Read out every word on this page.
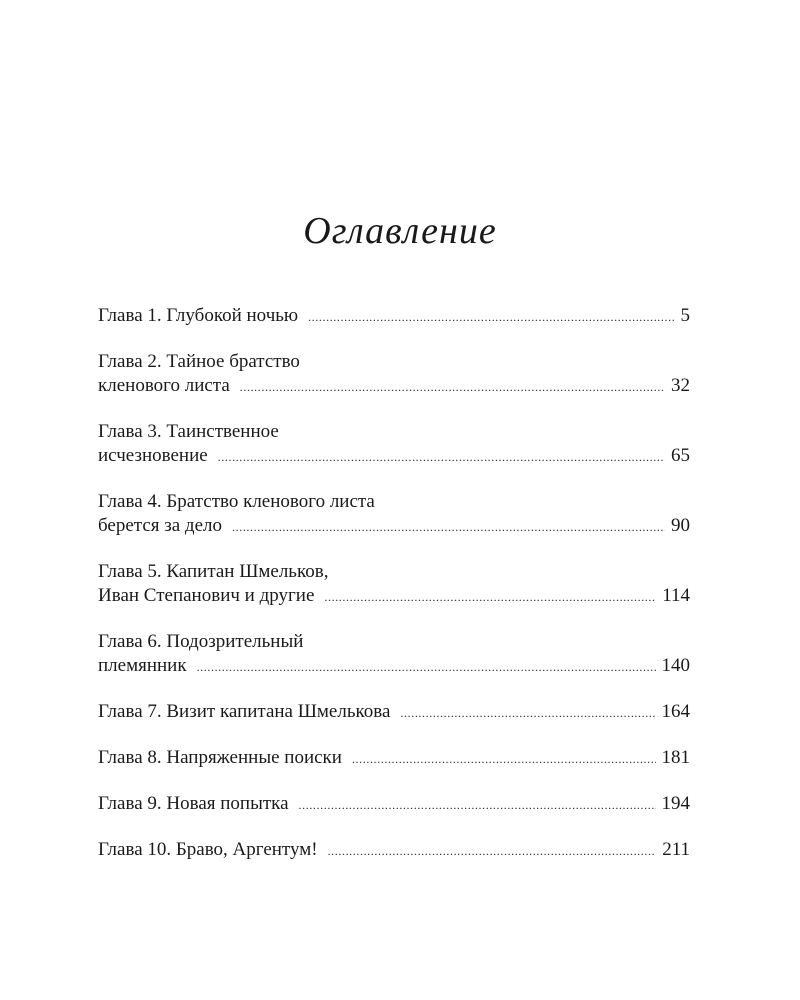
Оглавление
Глава 1. Глубокой ночью .....	5
Глава 2. Тайное братство
кленового листа .....	32
Глава 3. Таинственное
исчезновение .....	65
Глава 4. Братство кленового листа
берется за дело .....	90
Глава 5. Капитан Шмельков,
Иван Степанович и другие .....	114
Глава 6. Подозрительный
племянник .....	140
Глава 7. Визит капитана Шмелькова .....	164
Глава 8. Напряженные поиски .....	181
Глава 9. Новая попытка .....	194
Глава 10. Браво, Аргентум! .....	211
